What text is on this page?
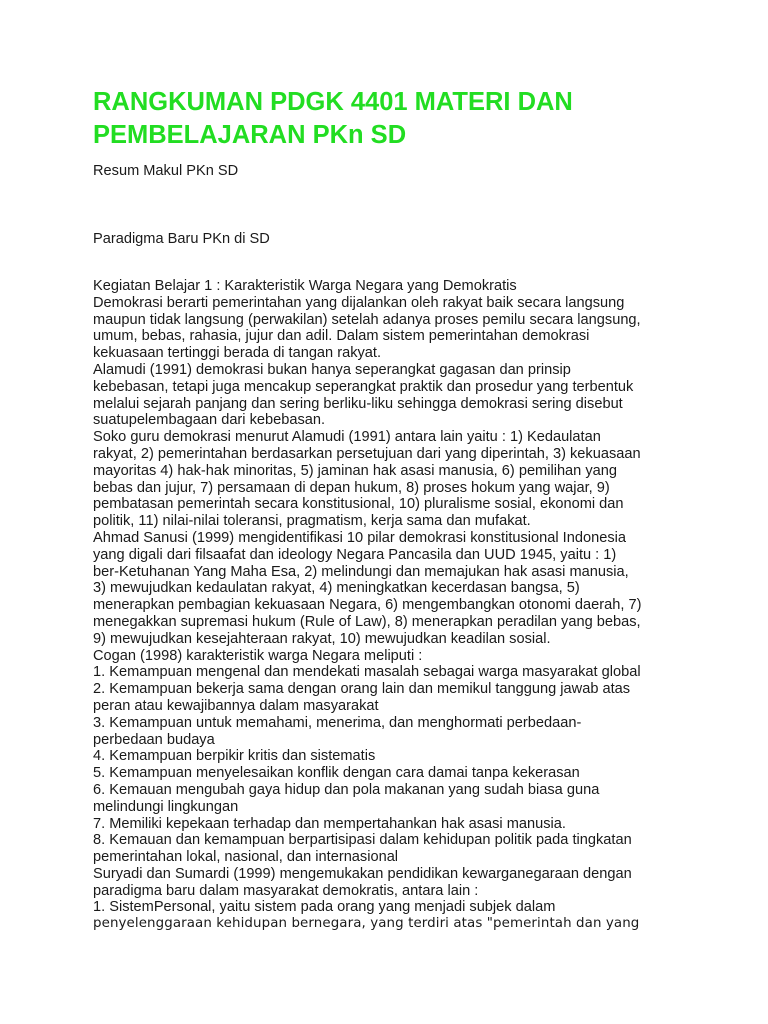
RANGKUMAN PDGK 4401 MATERI DAN PEMBELAJARAN PKn SD

Resum Makul PKn SD

Paradigma Baru PKn di SD

Kegiatan Belajar 1 : Karakteristik Warga Negara yang Demokratis

Demokrasi berarti pemerintahan yang dijalankan oleh rakyat baik secara langsung

maupun tidak langsung (perwakilan) setelah adanya proses pemilu secara langsung,

umum, bebas, rahasia, jujur dan adil. Dalam sistem pemerintahan demokrasi

kekuasaan tertinggi berada di tangan rakyat.

Alamudi (1991) demokrasi bukan hanya seperangkat gagasan dan prinsip

kebebasan, tetapi juga mencakup seperangkat praktik dan prosedur yang terbentuk

melalui sejarah panjang dan sering berliku-liku sehingga demokrasi sering disebut

suatupelembagaan dari kebebasan.

Soko guru demokrasi menurut Alamudi (1991) antara lain yaitu : 1) Kedaulatan

rakyat, 2) pemerintahan berdasarkan persetujuan dari yang diperintah, 3) kekuasaan

mayoritas 4) hak-hak minoritas, 5) jaminan hak asasi manusia, 6) pemilihan yang

bebas dan jujur, 7) persamaan di depan hukum, 8) proses hokum yang wajar, 9)

pembatasan pemerintah secara konstitusional, 10) pluralisme sosial, ekonomi dan

politik, 11) nilai-nilai toleransi, pragmatism, kerja sama dan mufakat.

Ahmad Sanusi (1999) mengidentifikasi 10 pilar demokrasi konstitusional Indonesia

yang digali dari filsaafat dan ideology Negara Pancasila dan UUD 1945, yaitu : 1)

ber-Ketuhanan Yang Maha Esa, 2) melindungi dan memajukan hak asasi manusia,

3) mewujudkan kedaulatan rakyat, 4) meningkatkan kecerdasan bangsa, 5)

menerapkan pembagian kekuasaan Negara, 6) mengembangkan otonomi daerah, 7)

menegakkan supremasi hukum (Rule of Law), 8) menerapkan peradilan yang bebas,

9) mewujudkan kesejahteraan rakyat, 10) mewujudkan keadilan sosial.

Cogan (1998) karakteristik warga Negara meliputi :

1. Kemampuan mengenal dan mendekati masalah sebagai warga masyarakat global

2. Kemampuan bekerja sama dengan orang lain dan memikul tanggung jawab atas

peran atau kewajibannya dalam masyarakat

3. Kemampuan untuk memahami, menerima, dan menghormati perbedaan-

perbedaan budaya

4. Kemampuan berpikir kritis dan sistematis

5. Kemampuan menyelesaikan konflik dengan cara damai tanpa kekerasan

6. Kemauan mengubah gaya hidup dan pola makanan yang sudah biasa guna

melindungi lingkungan

7. Memiliki kepekaan terhadap dan mempertahankan hak asasi manusia.

8. Kemauan dan kemampuan berpartisipasi dalam kehidupan politik pada tingkatan

pemerintahan lokal, nasional, dan internasional

Suryadi dan Sumardi (1999) mengemukakan pendidikan kewarganegaraan dengan

paradigma baru dalam masyarakat demokratis, antara lain :

1. SistemPersonal, yaitu sistem pada orang yang menjadi subjek dalam

penyelenggaraan kehidupan bernegara, yang terdiri atas "pemerintah dan yang
